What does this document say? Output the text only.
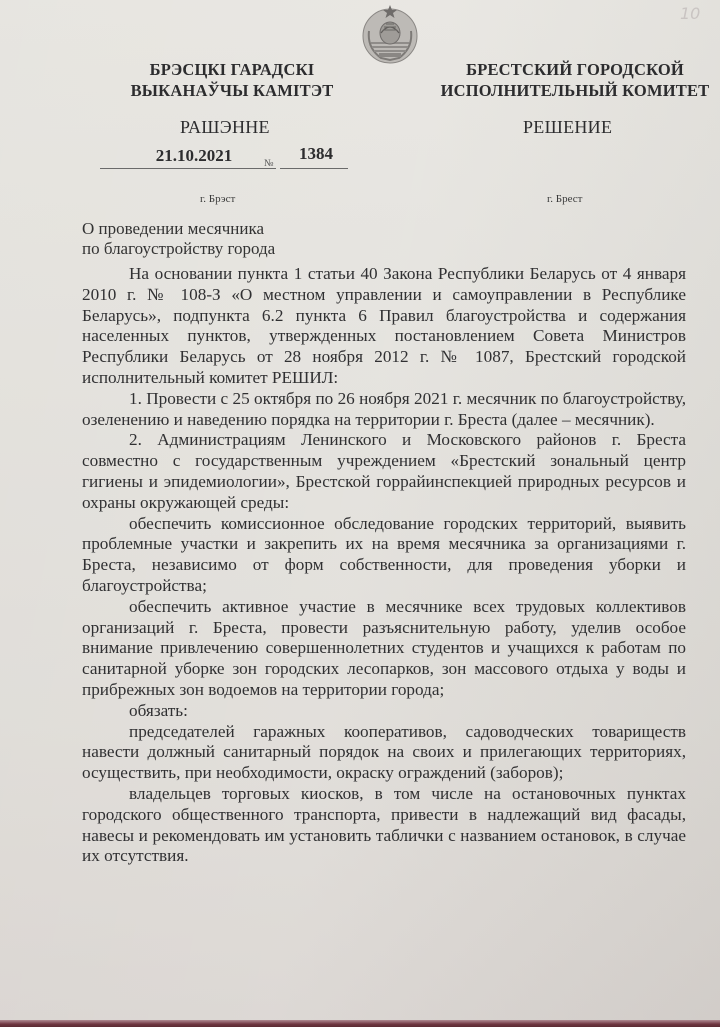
10
БРЭСЦКІ ГАРАДСКІ
ВЫКАНАЎЧЫ КАМІТЭТ
БРЕСТСКИЙ ГОРОДСКОЙ
ИСПОЛНИТЕЛЬНЫЙ КОМИТЕТ
РАШЭННЕ	РЕШЕНИЕ
21.10.2021	№
1384
г. Брэст	г. Брест
О проведении месячника
по благоустройству города

На основании пункта 1 статьи 40 Закона Республики Беларусь от 4 января 2010 г. № 108-З «О местном управлении и самоуправлении в Республике Беларусь», подпункта 6.2 пункта 6 Правил благоустройства и содержания населенных пунктов, утвержденных постановлением Совета Министров Республики Беларусь от 28 ноября 2012 г. № 1087, Брестский городской исполнительный комитет РЕШИЛ:

1. Провести с 25 октября по 26 ноября 2021 г. месячник по благоустройству, озеленению и наведению порядка на территории г. Бреста (далее – месячник).

2. Администрациям Ленинского и Московского районов г. Бреста совместно с государственным учреждением «Брестский зональный центр гигиены и эпидемиологии», Брестской горрайинспекцией природных ресурсов и охраны окружающей среды:

обеспечить комиссионное обследование городских территорий, выявить проблемные участки и закрепить их на время месячника за организациями г. Бреста, независимо от форм собственности, для проведения уборки и благоустройства;

обеспечить активное участие в месячнике всех трудовых коллективов организаций г. Бреста, провести разъяснительную работу, уделив особое внимание привлечению совершеннолетних студентов и учащихся к работам по санитарной уборке зон городских лесопарков, зон массового отдыха у воды и прибрежных зон водоемов на территории города;

обязать:

председателей гаражных кооперативов, садоводческих товариществ навести должный санитарный порядок на своих и прилегающих территориях, осуществить, при необходимости, окраску ограждений (заборов);

владельцев торговых киосков, в том числе на остановочных пунктах городского общественного транспорта, привести в надлежащий вид фасады, навесы и рекомендовать им установить таблички с названием остановок, в случае их отсутствия.
